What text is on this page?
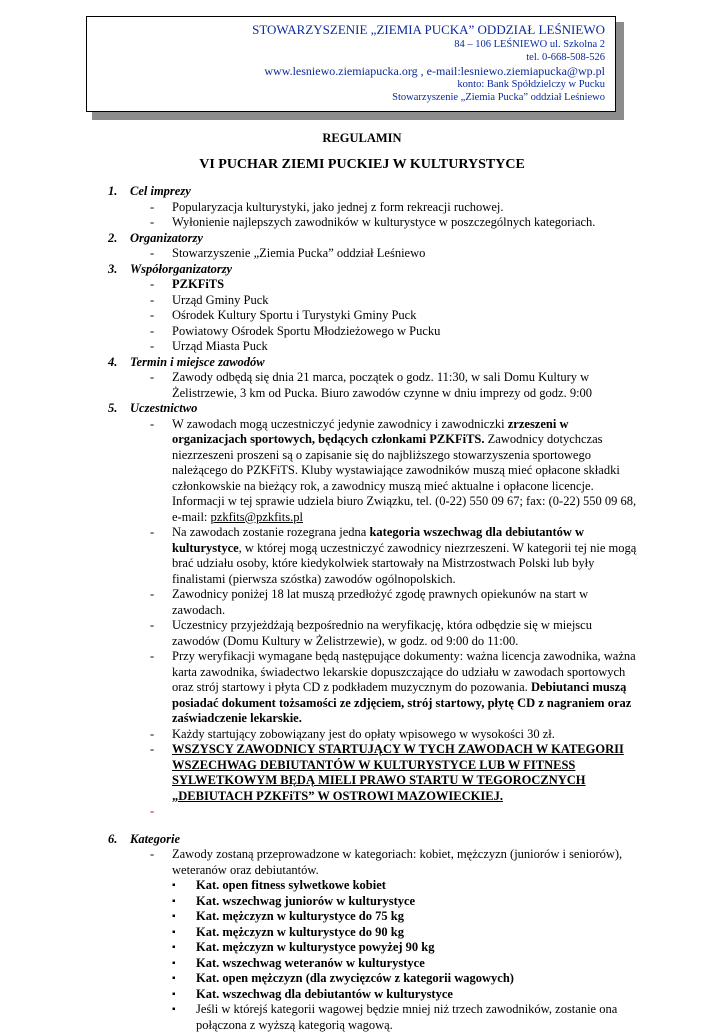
STOWARZYSZENIE „ZIEMIA PUCKA” ODDZIAŁ LEŚNIEWO
84 – 106 LEŚNIEWO ul. Szkolna 2
tel. 0-668-508-526
www.lesniewo.ziemiapucka.org , e-mail:lesniewo.ziemiapucka@wp.pl
konto: Bank Spółdzielczy w Pucku
Stowarzyszenie „Ziemia Pucka” oddział Leśniewo
REGULAMIN
VI PUCHAR ZIEMI PUCKIEJ W KULTURYSTYCE
1.	Cel imprezy
-	Popularyzacja kulturystyki, jako jednej z form rekreacji ruchowej.
-	Wyłonienie najlepszych zawodników w kulturystyce w poszczególnych kategoriach.
2.	Organizatorzy
-	Stowarzyszenie „Ziemia Pucka” oddział Leśniewo
3.	Współorganizatorzy
-	PZKFiTS
-	Urząd Gminy Puck
-	Ośrodek Kultury Sportu i Turystyki Gminy Puck
-	Powiatowy Ośrodek Sportu Młodzieżowego w Pucku
-	Urząd Miasta Puck
4.	Termin i miejsce zawodów
-	Zawody odbędą się dnia 21 marca, początek o godz. 11:30, w sali Domu Kultury w Żelistrzewie, 3 km od Pucka. Biuro zawodów czynne w dniu imprezy od godz. 9:00
5.	Uczestnictwo
-	W zawodach mogą uczestniczyć jedynie zawodnicy i zawodniczki zrzeszeni w organizacjach sportowych, będących członkami PZKFiTS. Zawodnicy dotychczas niezrzeszeni proszeni są o zapisanie się do najbliższego stowarzyszenia sportowego należącego do PZKFiTS. Kluby wystawiające zawodników muszą mieć opłacone składki członkowskie na bieżący rok, a zawodnicy muszą mieć aktualne i opłacone licencje. Informacji w tej sprawie udziela biuro Związku, tel. (0-22) 550 09 67; fax: (0-22) 550 09 68, e-mail: pzkfits@pzkfits.pl
-	Na zawodach zostanie rozegrana jedna kategoria wszechwag dla debiutantów w kulturystyce, w której mogą uczestniczyć zawodnicy niezrzeszeni. W kategorii tej nie mogą brać udziału osoby, które kiedykolwiek startowały na Mistrzostwach Polski lub były finalistami (pierwsza szóstka) zawodów ogólnopolskich.
-	Zawodnicy poniżej 18 lat muszą przedłożyć zgodę prawnych opiekunów na start w zawodach.
-	Uczestnicy przyjeżdżają bezpośrednio na weryfikację, która odbędzie się w miejscu zawodów (Domu Kultury w Żelistrzewie), w godz. od 9:00 do 11:00.
-	Przy weryfikacji wymagane będą następujące dokumenty: ważna licencja zawodnika, ważna karta zawodnika, świadectwo lekarskie dopuszczające do udziału w zawodach sportowych oraz strój startowy i płyta CD z podkładem muzycznym do pozowania. Debiutanci muszą posiadać dokument tożsamości ze zdjęciem, strój startowy, płytę CD z nagraniem oraz zaświadczenie lekarskie.
-	Każdy startujący zobowiązany jest do opłaty wpisowego w wysokości 30 zł.
-	WSZYSCY ZAWODNICY STARTUJĄCY W TYCH ZAWODACH W KATEGORII WSZECHWAG DEBIUTANTÓW W KULTURYSTYCE LUB W FITNESS SYLWETKOWYM BĘDĄ MIELI PRAWO STARTU W TEGOROCZNYCH „DEBIUTACH PZKFiTS” W OSTROWI MAZOWIECKIEJ.
-
6.	Kategorie
-	Zawody zostaną przeprowadzone w kategoriach: kobiet, mężczyzn (juniorów i seniorów), weteranów oraz debiutantów.
▪	Kat. open fitness sylwetkowe kobiet
▪	Kat. wszechwag juniorów w kulturystyce
▪	Kat. mężczyzn w kulturystyce do 75 kg
▪	Kat. mężczyzn w kulturystyce do 90 kg
▪	Kat. mężczyzn w kulturystyce powyżej 90 kg
▪	Kat. wszechwag weteranów w kulturystyce
▪	Kat. open mężczyzn (dla zwycięzców z kategorii wagowych)
▪	Kat. wszechwag dla debiutantów w kulturystyce
▪	Jeśli w którejś kategorii wagowej będzie mniej niż trzech zawodników, zostanie ona połączona z wyższą kategorią wagową.
